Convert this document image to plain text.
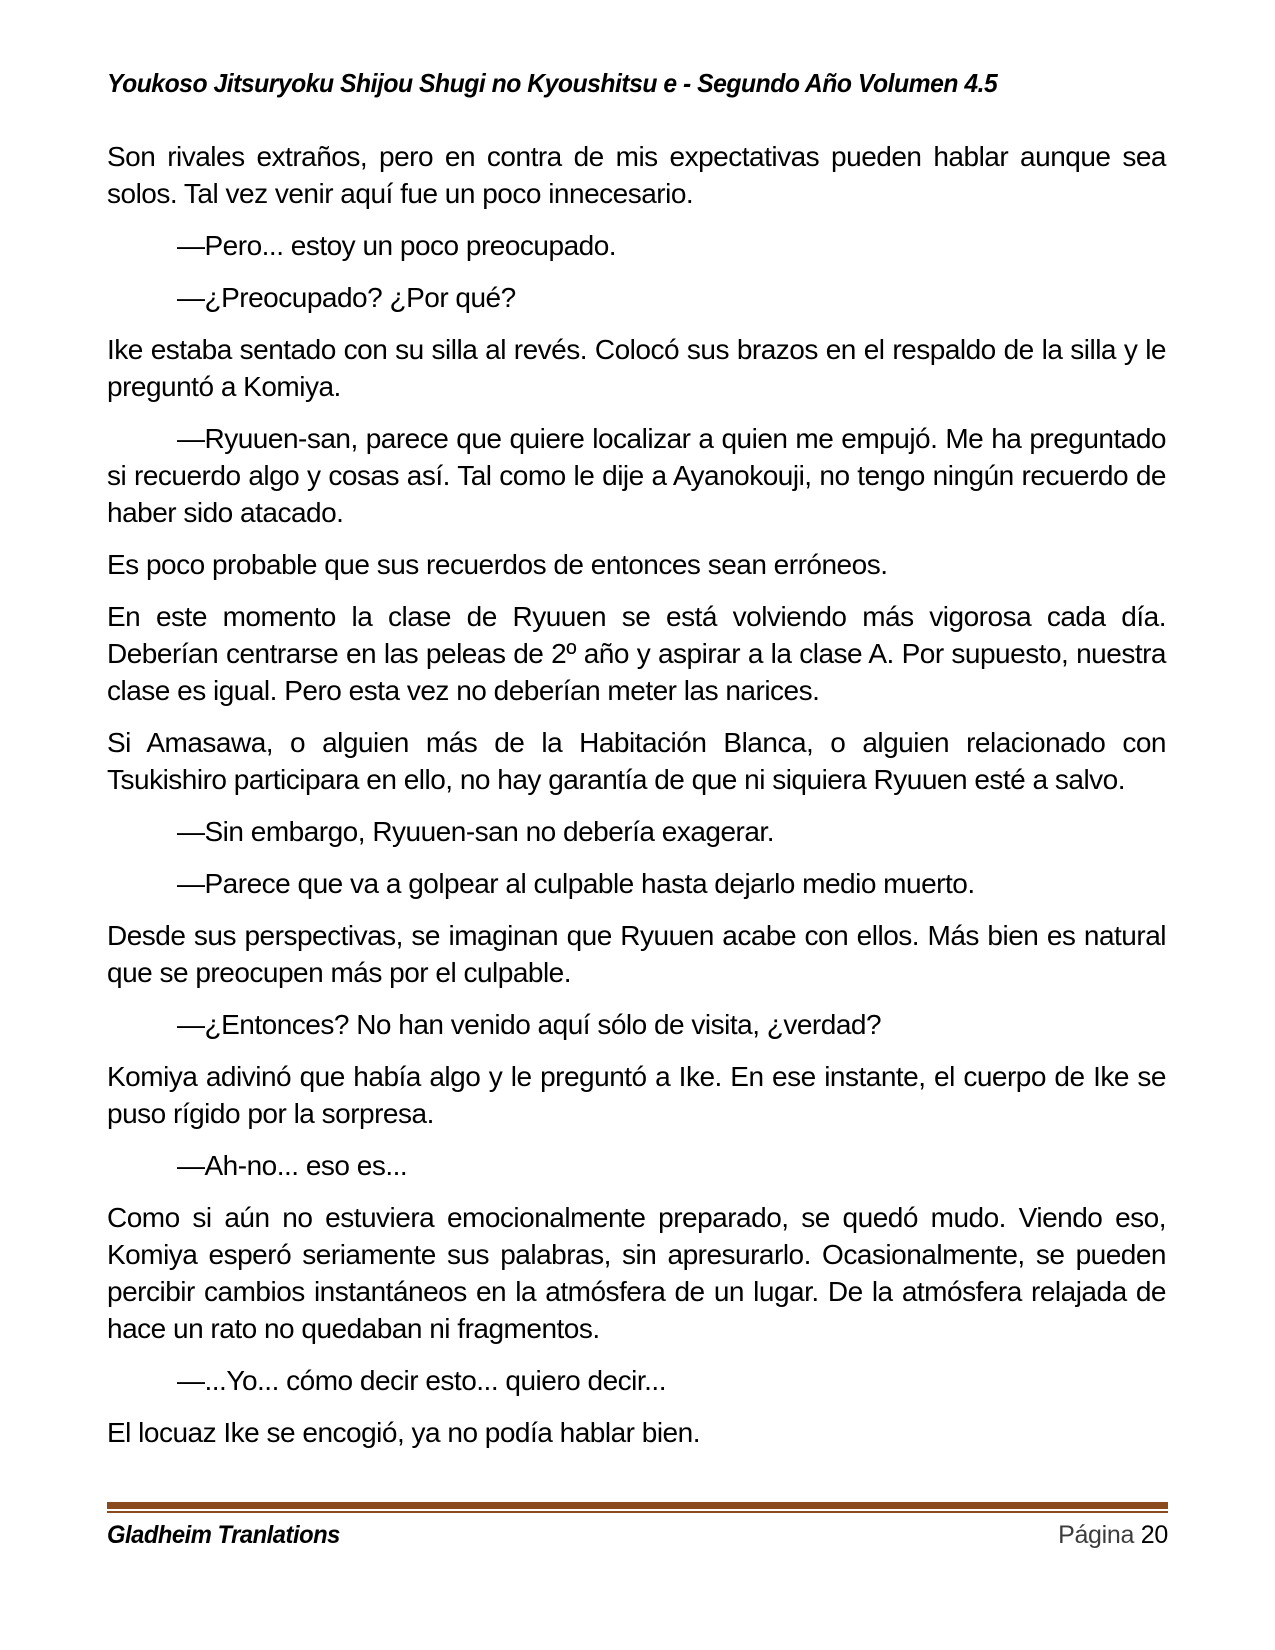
Youkoso Jitsuryoku Shijou Shugi no Kyoushitsu e - Segundo Año Volumen 4.5

Son rivales extraños, pero en contra de mis expectativas pueden hablar aunque sea solos. Tal vez venir aquí fue un poco innecesario.

—Pero... estoy un poco preocupado.

—¿Preocupado? ¿Por qué?

Ike estaba sentado con su silla al revés. Colocó sus brazos en el respaldo de la silla y le preguntó a Komiya.

—Ryuuen-san, parece que quiere localizar a quien me empujó. Me ha preguntado si recuerdo algo y cosas así. Tal como le dije a Ayanokouji, no tengo ningún recuerdo de haber sido atacado.

Es poco probable que sus recuerdos de entonces sean erróneos.

En este momento la clase de Ryuuen se está volviendo más vigorosa cada día. Deberían centrarse en las peleas de 2º año y aspirar a la clase A. Por supuesto, nuestra clase es igual. Pero esta vez no deberían meter las narices.

Si Amasawa, o alguien más de la Habitación Blanca, o alguien relacionado con Tsukishiro participara en ello, no hay garantía de que ni siquiera Ryuuen esté a salvo.

—Sin embargo, Ryuuen-san no debería exagerar.

—Parece que va a golpear al culpable hasta dejarlo medio muerto.

Desde sus perspectivas, se imaginan que Ryuuen acabe con ellos. Más bien es natural que se preocupen más por el culpable.

—¿Entonces? No han venido aquí sólo de visita, ¿verdad?

Komiya adivinó que había algo y le preguntó a Ike. En ese instante, el cuerpo de Ike se puso rígido por la sorpresa.

—Ah-no... eso es...

Como si aún no estuviera emocionalmente preparado, se quedó mudo. Viendo eso, Komiya esperó seriamente sus palabras, sin apresurarlo. Ocasionalmente, se pueden percibir cambios instantáneos en la atmósfera de un lugar. De la atmósfera relajada de hace un rato no quedaban ni fragmentos.

—...Yo... cómo decir esto... quiero decir...

El locuaz Ike se encogió, ya no podía hablar bien.

Gladheim Tranlations	Página 20
